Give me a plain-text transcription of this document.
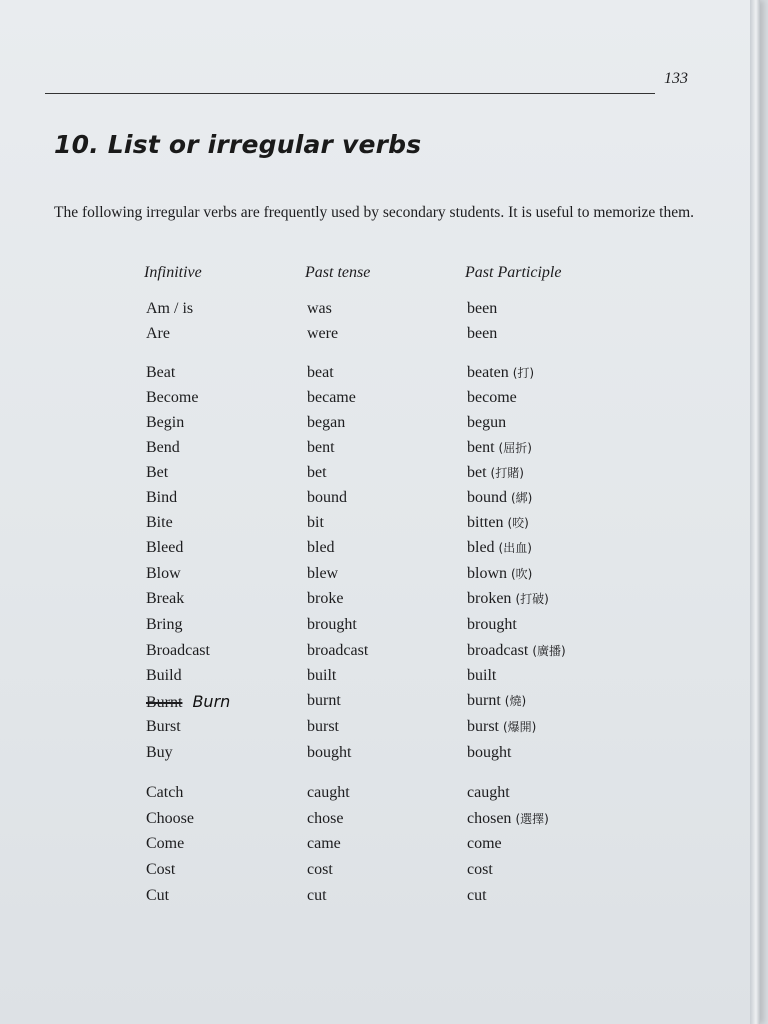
133
10. List or irregular verbs

The following irregular verbs are frequently used by secondary students. It is useful to memorize them.

Infinitive	Past tense	Past Participle
Am / is	was	been
Are	were	been
Beat	beat	beaten (打)
Become	became	become
Begin	began	begun
Bend	bent	bent (屈折)
Bet	bet	bet (打賭)
Bind	bound	bound (綁)
Bite	bit	bitten (咬)
Bleed	bled	bled (出血)
Blow	blew	blown (吹)
Break	broke	broken (打破)
Bring	brought	brought
Broadcast	broadcast	broadcast (廣播)
Build	built	built
Burnt Burn	burnt	burnt (燒)
Burst	burst	burst (爆開)
Buy	bought	bought
Catch	caught	caught
Choose	chose	chosen (選擇)
Come	came	come
Cost	cost	cost
Cut	cut	cut
